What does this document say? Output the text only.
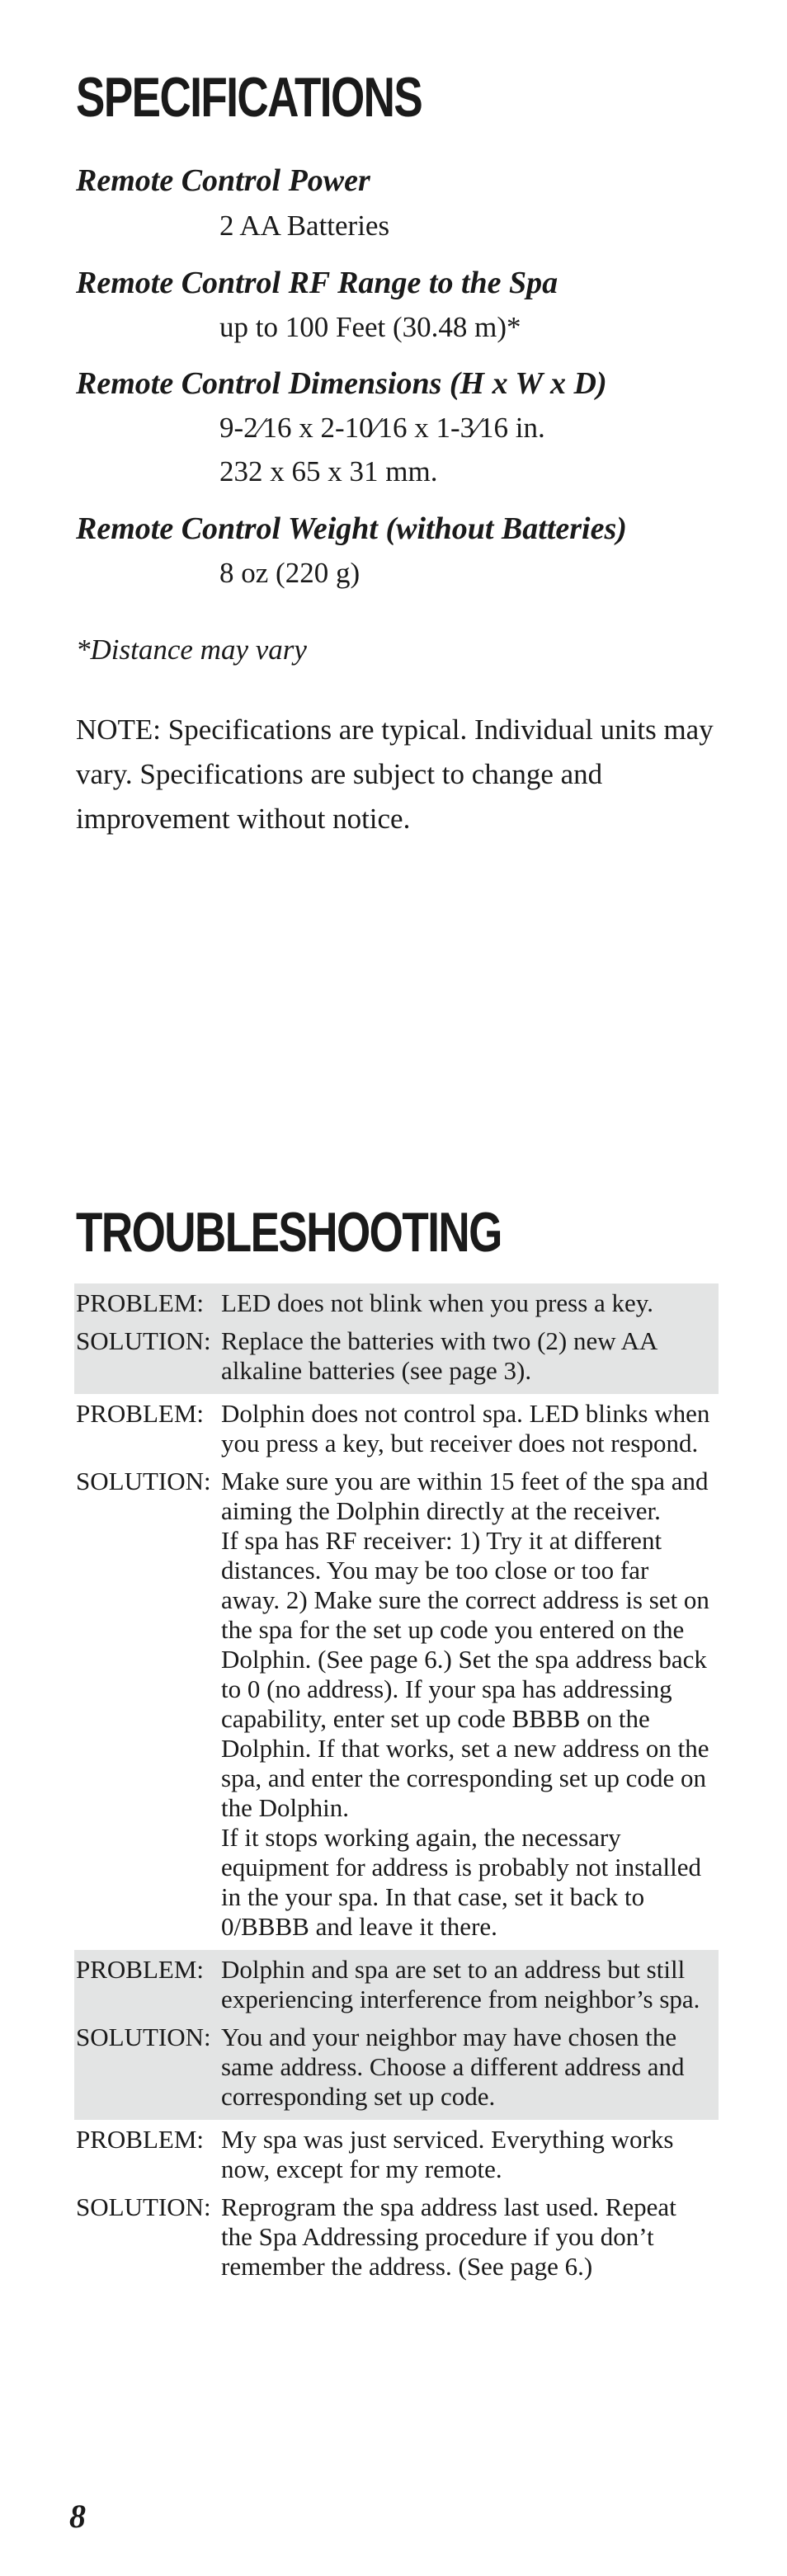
SPECIFICATIONS
Remote Control Power
2 AA Batteries
Remote Control RF Range to the Spa
up to 100 Feet (30.48 m)*
Remote Control Dimensions (H x W x D)
9-2⁄16 x 2-10⁄16 x 1-3⁄16 in.
232 x 65 x 31 mm.
Remote Control Weight (without Batteries)
8 oz (220 g)
*Distance may vary
NOTE: Specifications are typical. Individual units may vary. Specifications are subject to change and improvement without notice.
TROUBLESHOOTING
PROBLEM: LED does not blink when you press a key.
SOLUTION: Replace the batteries with two (2) new AA alkaline batteries (see page 3).
PROBLEM: Dolphin does not control spa. LED blinks when you press a key, but receiver does not respond.
SOLUTION: Make sure you are within 15 feet of the spa and aiming the Dolphin directly at the receiver.
If spa has RF receiver: 1) Try it at different distances. You may be too close or too far away. 2) Make sure the correct address is set on the spa for the set up code you entered on the Dolphin. (See page 6.) Set the spa address back to 0 (no address). If your spa has addressing capability, enter set up code BBBB on the Dolphin. If that works, set a new address on the spa, and enter the corresponding set up code on the Dolphin.
If it stops working again, the necessary equipment for address is probably not installed in the your spa. In that case, set it back to 0/BBBB and leave it there.
PROBLEM: Dolphin and spa are set to an address but still experiencing interference from neighbor’s spa.
SOLUTION: You and your neighbor may have chosen the same address. Choose a different address and corresponding set up code.
PROBLEM: My spa was just serviced. Everything works now, except for my remote.
SOLUTION: Reprogram the spa address last used. Repeat the Spa Addressing procedure if you don’t remember the address. (See page 6.)
8
